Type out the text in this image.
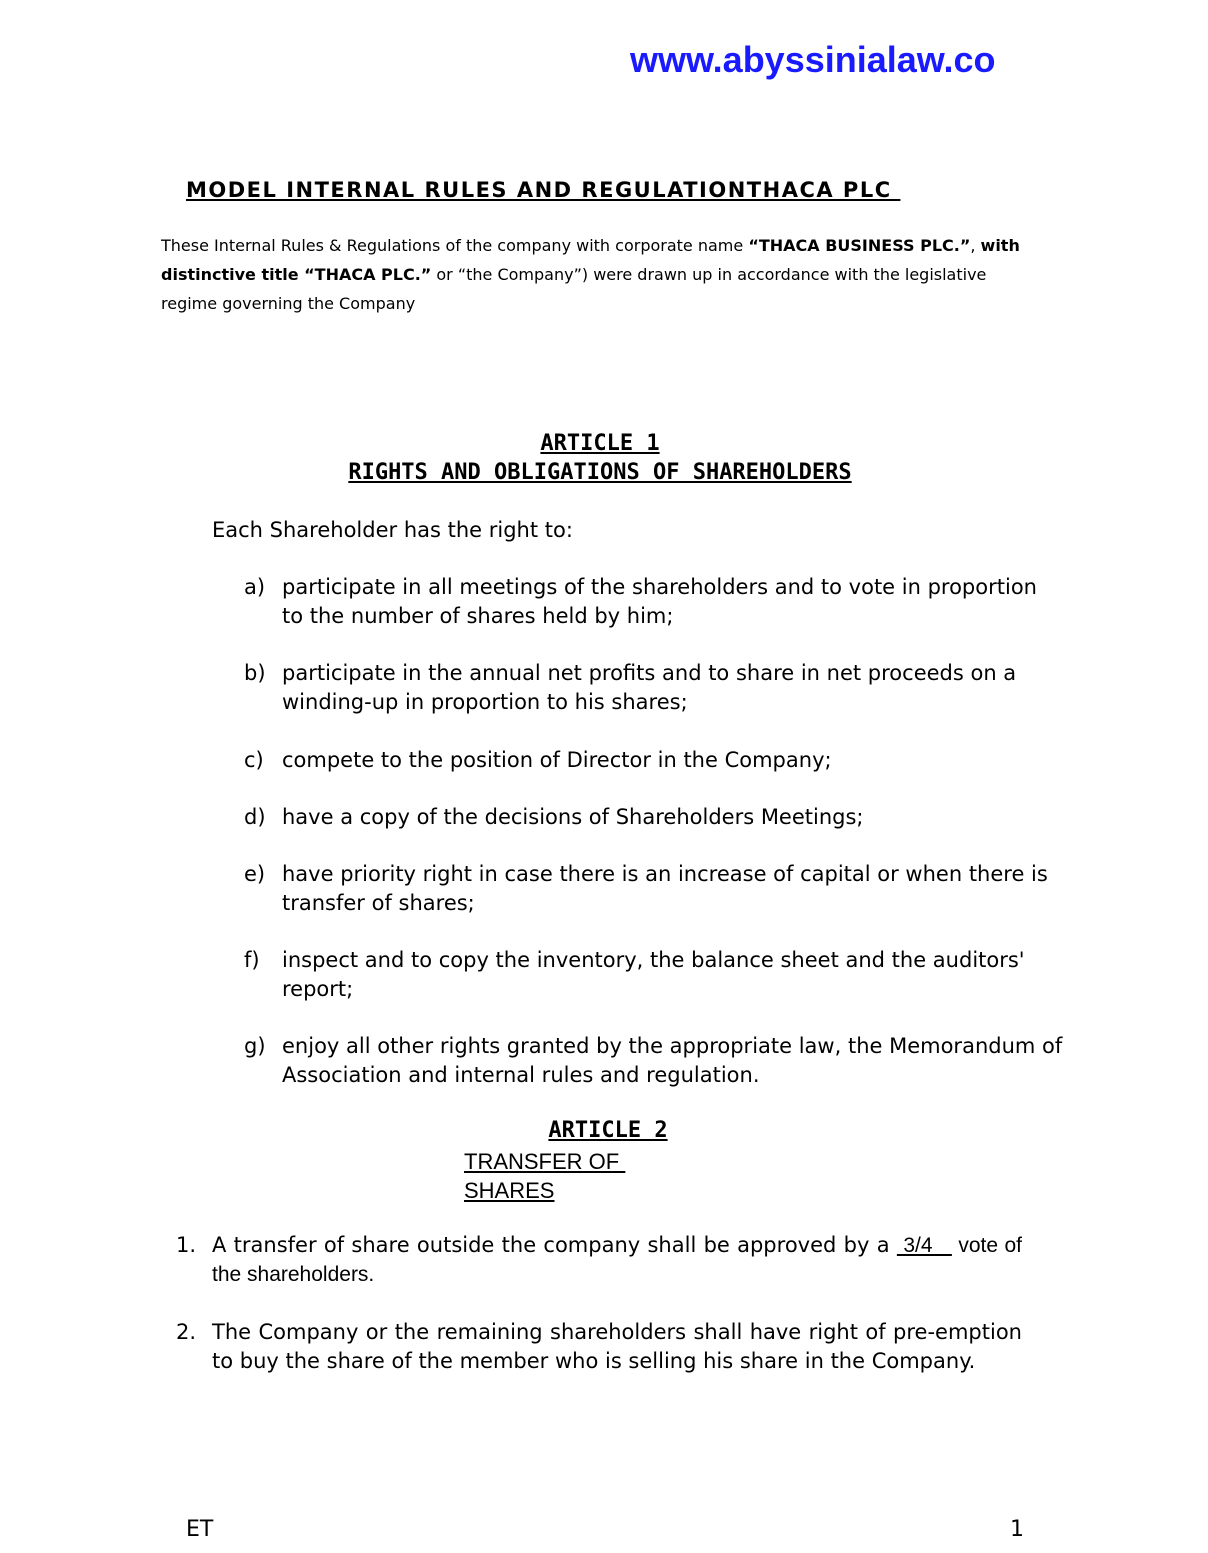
www.abyssinialaw.co
MODEL INTERNAL RULES AND REGULATIONTHACA PLC
These Internal Rules & Regulations of the company with corporate name “THACA BUSINESS PLC.”, with distinctive title “THACA PLC.” or “the Company”) were drawn up in accordance with the legislative regime governing the Company
ARTICLE 1
RIGHTS AND OBLIGATIONS OF SHAREHOLDERS
Each Shareholder has the right to:
a) participate in all meetings of the shareholders and to vote in proportion to the number of shares held by him;
b) participate in the annual net profits and to share in net proceeds on a winding-up in proportion to his shares;
c) compete to the position of Director in the Company;
d) have a copy of the decisions of Shareholders Meetings;
e) have priority right in case there is an increase of capital or when there is transfer of shares;
f)	inspect and to copy the inventory, the balance sheet and the auditors' report;
g) enjoy all other rights granted by the appropriate law, the Memorandum of Association and internal rules and regulation.
ARTICLE 2
TRANSFER OF
SHARES
1. A transfer of share outside the company shall be approved by a  3/4    vote of the shareholders.
2. The Company or the remaining shareholders shall have right of pre-emption to buy the share of the member who is selling his share in the Company.
ET	1
